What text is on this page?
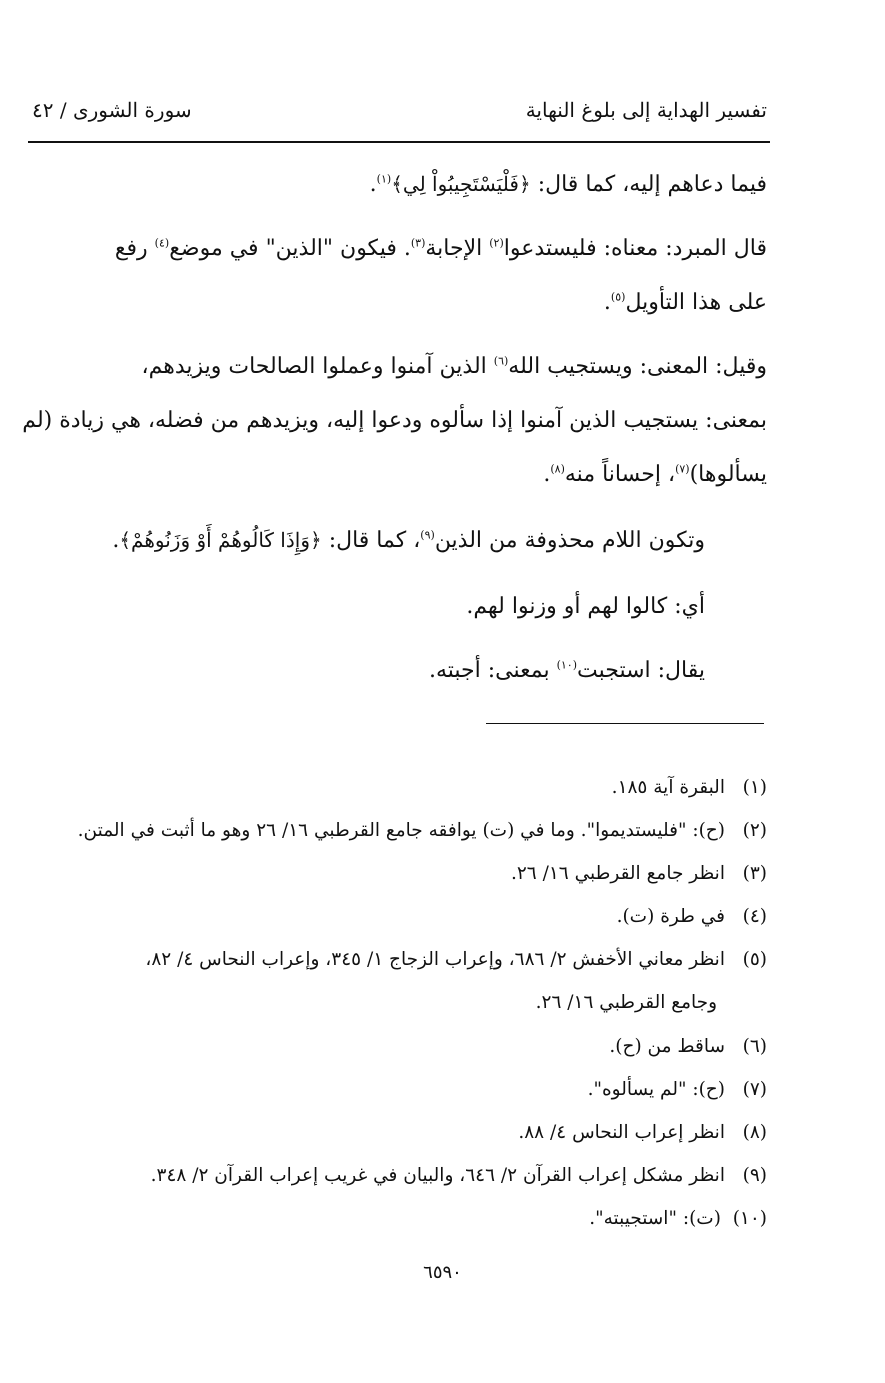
تفسير الهداية إلى بلوغ النهاية
سورة الشورى / ٤٢
فيما دعاهم إليه، كما قال: ﴿فَلْيَسْتَجِيبُواْ لِي﴾$^{(١)}$.
قال المبرد: معناه: فليستدعوا$^{(٢)}$ الإجابة$^{(٣)}$. فيكون "الذين" في موضع$^{(٤)}$ رفع
على هذا التأويل$^{(٥)}$.
وقيل: المعنى: ويستجيب الله$^{(٦)}$ الذين آمنوا وعملوا الصالحات ويزيدهم،
بمعنى: يستجيب الذين آمنوا إذا سألوه ودعوا إليه، ويزيدهم من فضله، هي زيادة (لم
يسألوها)$^{(٧)}$، إحساناً منه$^{(٨)}$.
وتكون اللام محذوفة من الذين$^{(٩)}$، كما قال: ﴿وَإِذَا كَالُوهُمْ أَوْ وَزَنُوهُمْ﴾.
أي: كالوا لهم أو وزنوا لهم.
يقال: استجبت$^{(١٠)}$ بمعنى: أجبته.
(١)   البقرة آية ١٨٥.
(٢)   (ح): "فليستديموا". وما في (ت) يوافقه جامع القرطبي ١٦/ ٢٦ وهو ما أثبت في المتن.
(٣)   انظر جامع القرطبي ١٦/ ٢٦.
(٤)   في طرة (ت).
(٥)   انظر معاني الأخفش ٢/ ٦٨٦، وإعراب الزجاج ١/ ٣٤٥، وإعراب النحاس ٤/ ٨٢،
وجامع القرطبي ١٦/ ٢٦.
(٦)   ساقط من (ح).
(٧)   (ح): "لم يسألوه".
(٨)   انظر إعراب النحاس ٤/ ٨٨.
(٩)   انظر مشكل إعراب القرآن ٢/ ٦٤٦، والبيان في غريب إعراب القرآن ٢/ ٣٤٨.
(١٠)  (ت): "استجيبته".
٦٥٩٠
